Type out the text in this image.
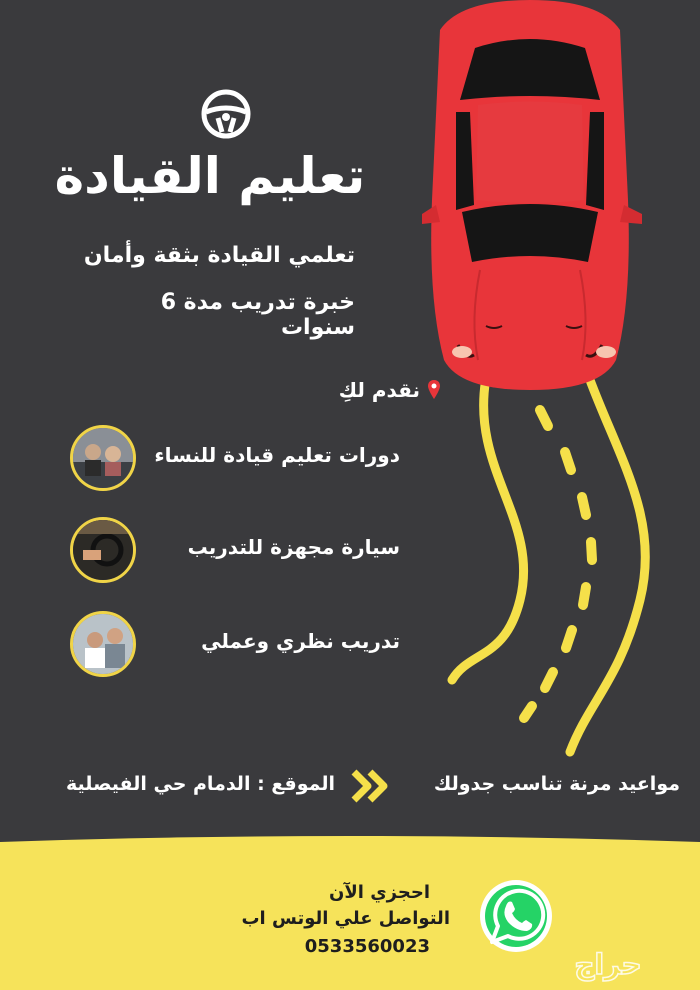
تعليم القيادة
تعلمي القيادة بثقة وأمان
خبرة تدريب مدة 6 سنوات
نقدم لكِ
دورات تعليم قيادة للنساء
سيارة مجهزة للتدريب
تدريب نظري وعملي
الموقع : الدمام حي الفيصلية	مواعيد مرنة تناسب جدولك
احجزي الآن
التواصل علي الوتس اب
0533560023
حراج
